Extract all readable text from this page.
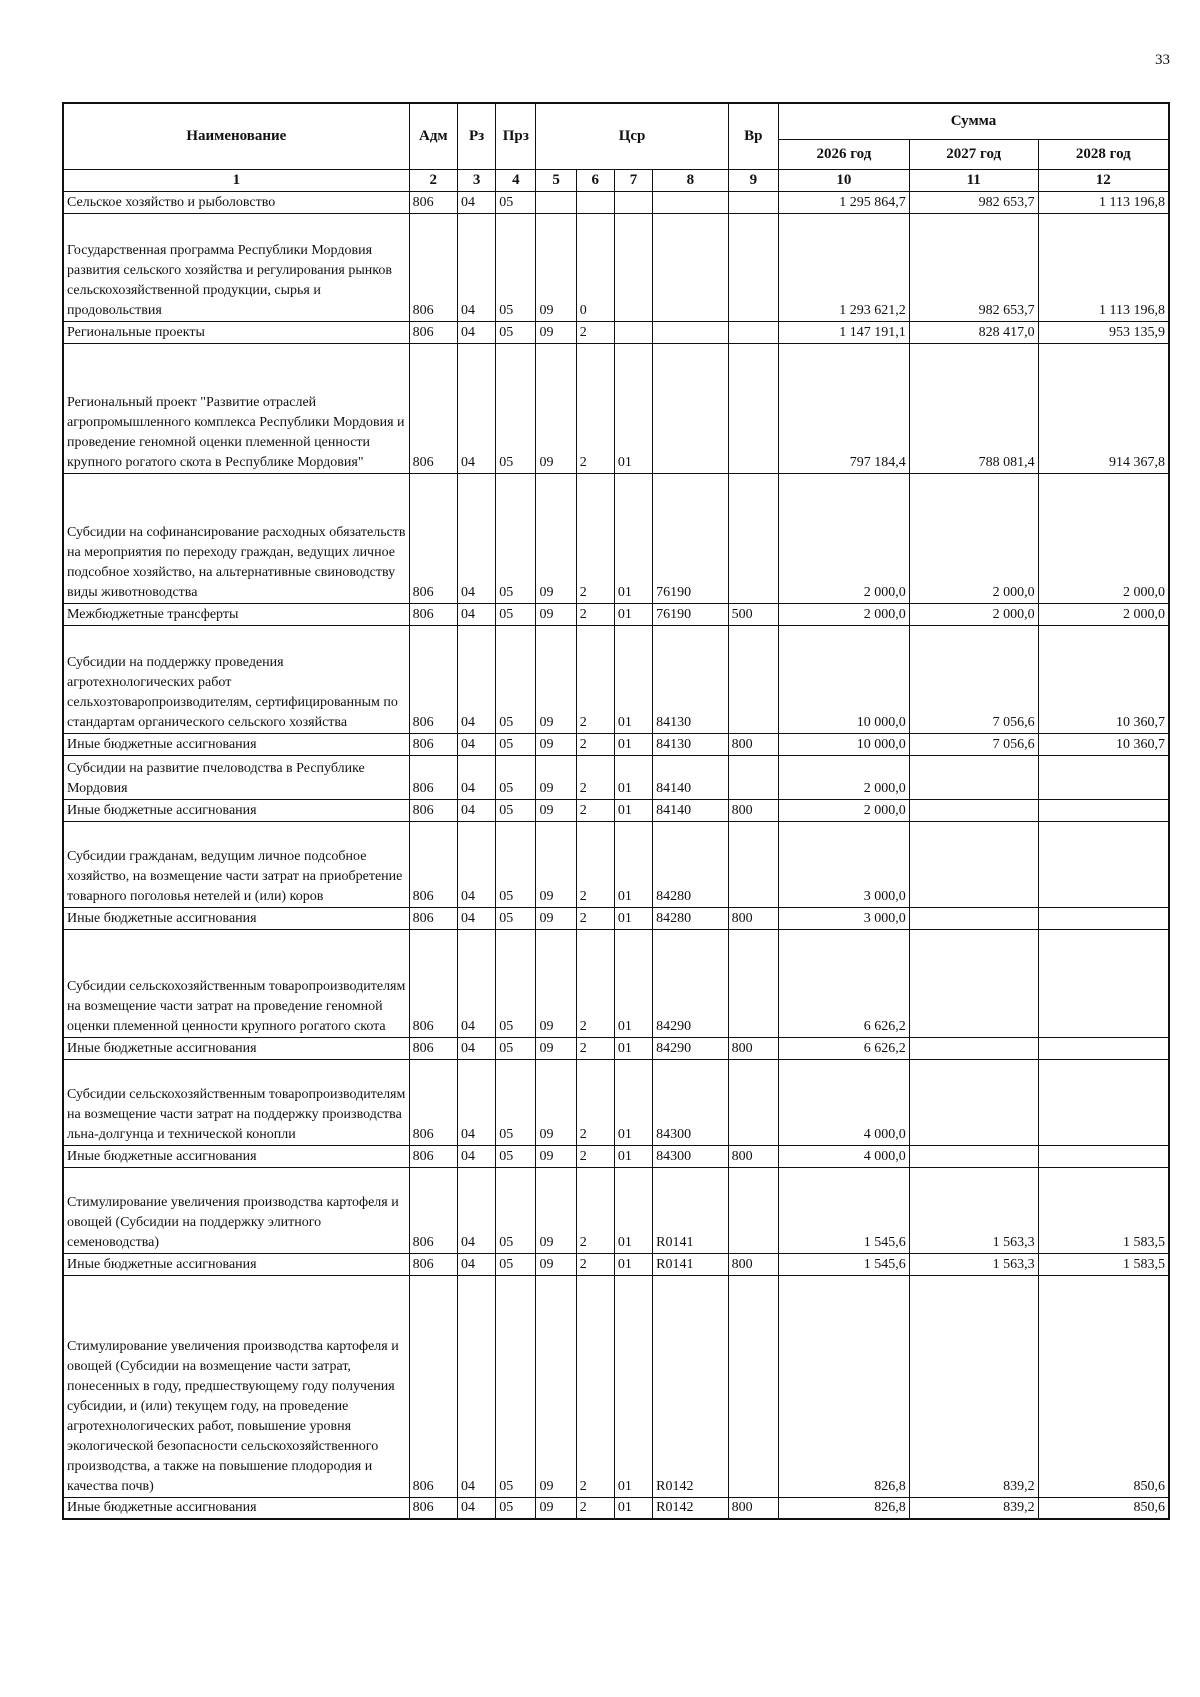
33
Наименование	Адм	Рз	Прз	Цср				Вр	Сумма		
									2026 год	2027 год	2028 год
1	2	3	4	5	6	7	8	9	10	11	12
Сельское хозяйство и рыболовство	806	04	05						1 295 864,7	982 653,7	1 113 196,8
Государственная программа Республики Мордовия развития сельского хозяйства и регулирования рынков сельскохозяйственной продукции, сырья и продовольствия	806	04	05	09	0				1 293 621,2	982 653,7	1 113 196,8
Региональные проекты	806	04	05	09	2				1 147 191,1	828 417,0	953 135,9
Региональный проект "Развитие отраслей агропромышленного комплекса Республики Мордовия и проведение геномной оценки племенной ценности крупного рогатого скота в Республике Мордовия"	806	04	05	09	2	01			797 184,4	788 081,4	914 367,8
Субсидии на софинансирование расходных обязательств на мероприятия по переходу граждан, ведущих личное подсобное хозяйство, на альтернативные свиноводству виды животноводства	806	04	05	09	2	01	76190		2 000,0	2 000,0	2 000,0
Межбюджетные трансферты	806	04	05	09	2	01	76190	500	2 000,0	2 000,0	2 000,0
Субсидии на поддержку проведения агротехнологических работ сельхозтоваропроизводителям, сертифицированным по стандартам органического сельского хозяйства	806	04	05	09	2	01	84130		10 000,0	7 056,6	10 360,7
Иные бюджетные ассигнования	806	04	05	09	2	01	84130	800	10 000,0	7 056,6	10 360,7
Субсидии на развитие пчеловодства в Республике Мордовия	806	04	05	09	2	01	84140		2 000,0		
Иные бюджетные ассигнования	806	04	05	09	2	01	84140	800	2 000,0		
Субсидии гражданам, ведущим личное подсобное хозяйство, на возмещение части затрат на приобретение товарного поголовья нетелей и (или) коров	806	04	05	09	2	01	84280		3 000,0		
Иные бюджетные ассигнования	806	04	05	09	2	01	84280	800	3 000,0		
Субсидии сельскохозяйственным товаропроизводителям на возмещение части затрат на проведение геномной оценки племенной ценности крупного рогатого скота	806	04	05	09	2	01	84290		6 626,2		
Иные бюджетные ассигнования	806	04	05	09	2	01	84290	800	6 626,2		
Субсидии сельскохозяйственным товаропроизводителям на возмещение части затрат на поддержку производства льна-долгунца и технической конопли	806	04	05	09	2	01	84300		4 000,0		
Иные бюджетные ассигнования	806	04	05	09	2	01	84300	800	4 000,0		
Стимулирование увеличения производства картофеля и овощей (Субсидии на поддержку элитного семеноводства)	806	04	05	09	2	01	R0141		1 545,6	1 563,3	1 583,5
Иные бюджетные ассигнования	806	04	05	09	2	01	R0141	800	1 545,6	1 563,3	1 583,5
Стимулирование увеличения производства картофеля и овощей (Субсидии на возмещение части затрат, понесенных в году, предшествующему году получения субсидии, и (или) текущем году, на проведение агротехнологических работ, повышение уровня экологической безопасности сельскохозяйственного производства, а также на повышение плодородия и качества почв)	806	04	05	09	2	01	R0142		826,8	839,2	850,6
Иные бюджетные ассигнования	806	04	05	09	2	01	R0142	800	826,8	839,2	850,6
